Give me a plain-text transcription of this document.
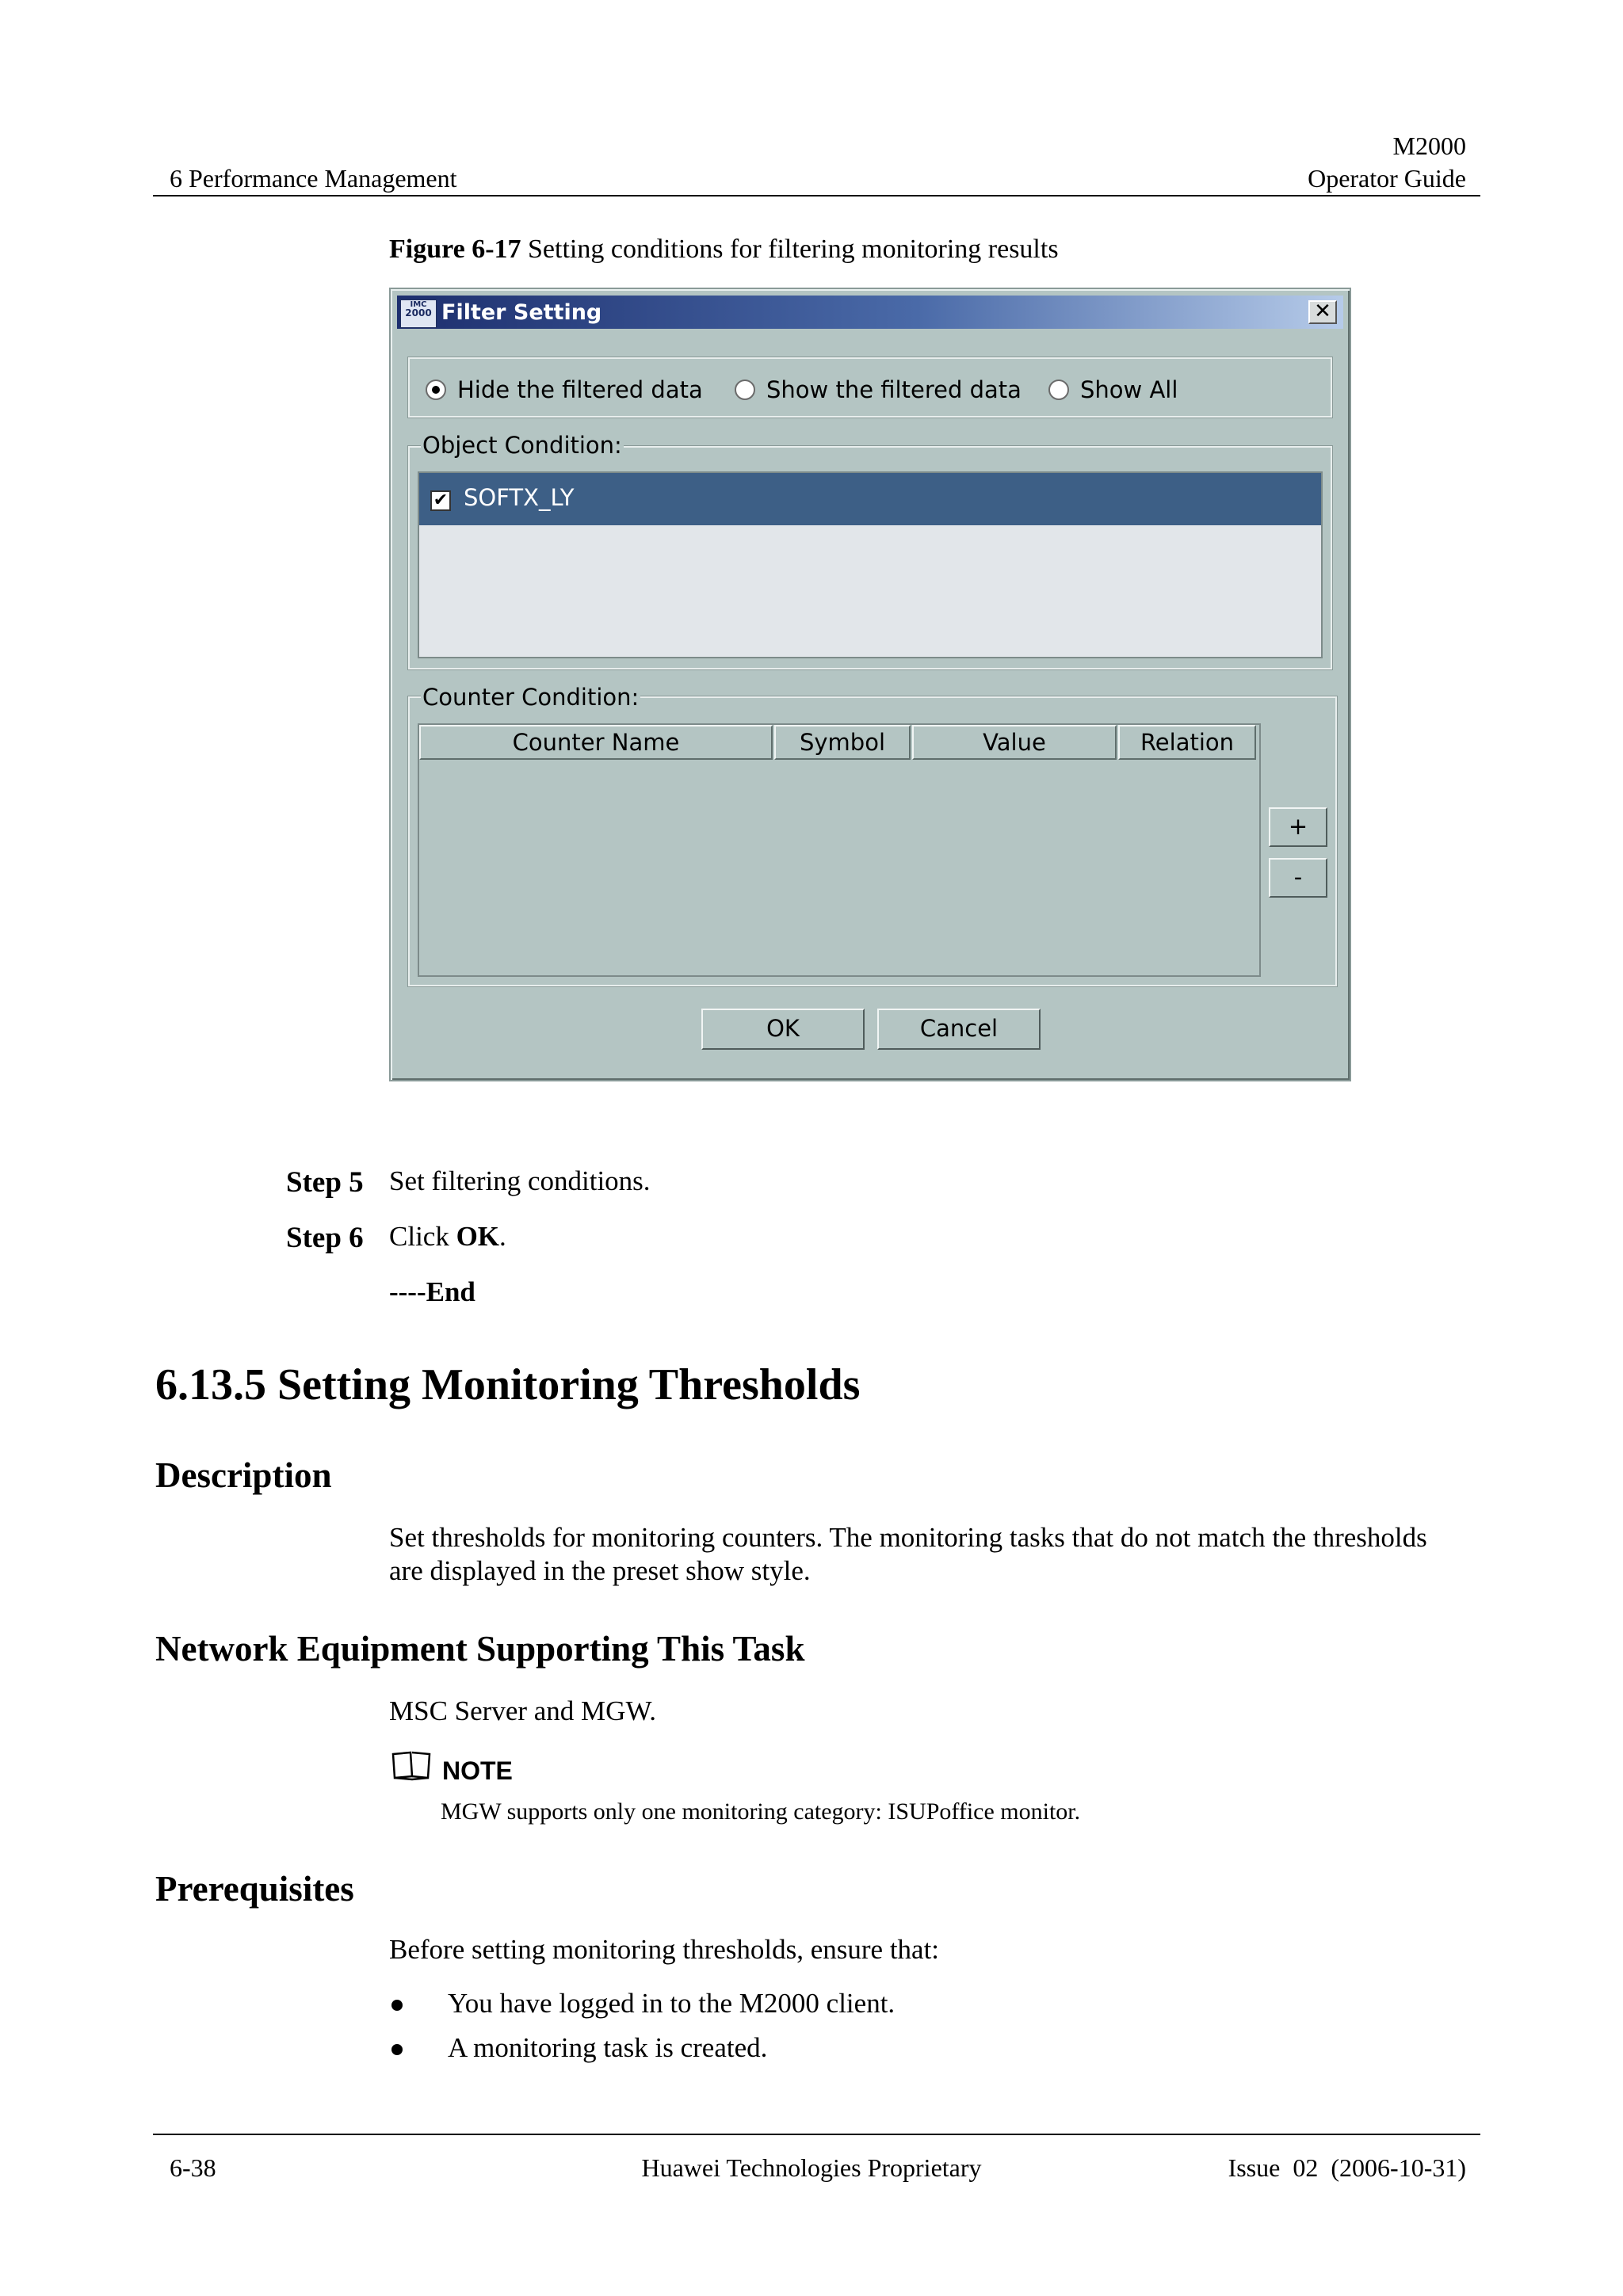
M2000
6 Performance Management	Operator Guide
Figure 6-17 Setting conditions for filtering monitoring results
IMC
2000 Filter Setting	✕
Hide the filtered data	Show the filtered data	Show All
Object Condition:
✔ SOFTX_LY
Counter Condition:
Counter Name	Symbol	Value	Relation
+
-
OK	Cancel
Step 5 Set filtering conditions.
Step 6 Click OK.
----End
6.13.5 Setting Monitoring Thresholds
Description
Set thresholds for monitoring counters. The monitoring tasks that do not match the thresholds
are displayed in the preset show style.
Network Equipment Supporting This Task
MSC Server and MGW.
NOTE
MGW supports only one monitoring category: ISUPoffice monitor.
Prerequisites
Before setting monitoring thresholds, ensure that:
You have logged in to the M2000 client.
A monitoring task is created.
6-38	Huawei Technologies Proprietary	Issue  02  (2006-10-31)
